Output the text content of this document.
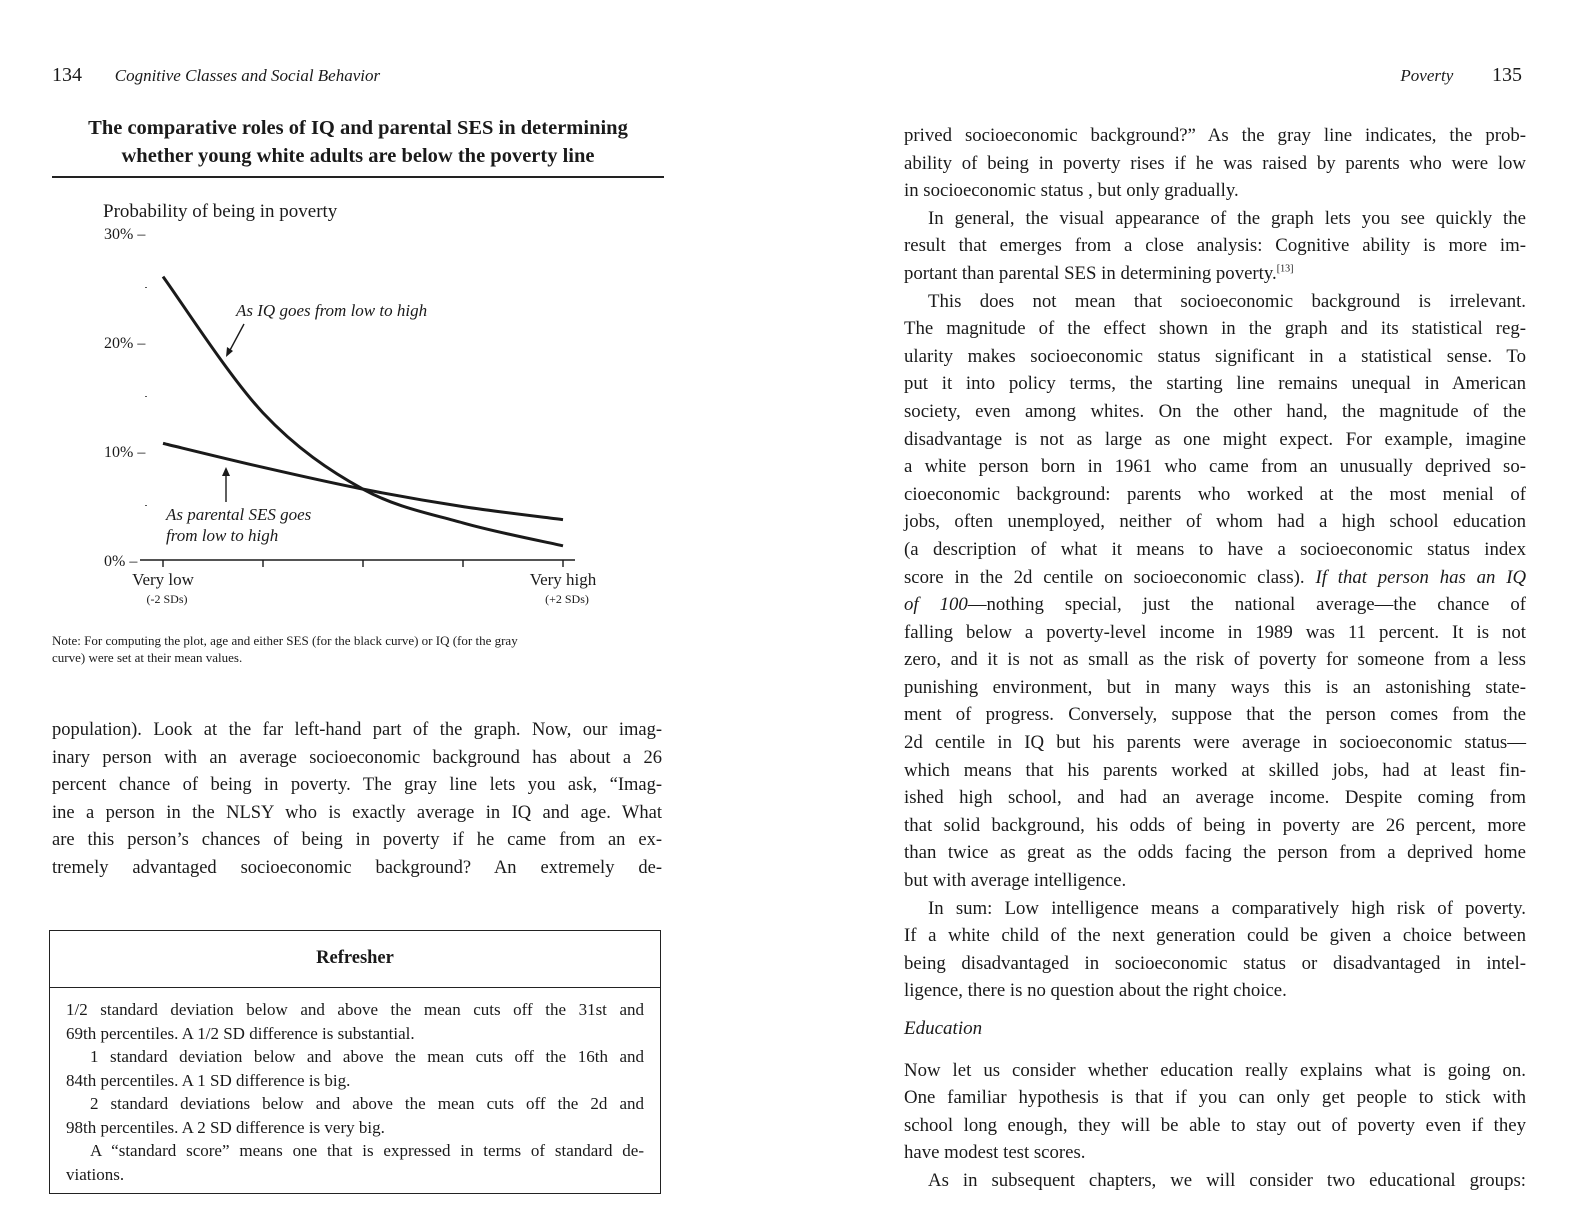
134 Cognitive Classes and Social Behavior
The comparative roles of IQ and parental SES in determining
whether young white adults are below the poverty line
Probability of being in poverty
30% –
20% –
10% –
0% –
Very low
(-2 SDs)
Very high
(+2 SDs)
As IQ goes from low to high
As parental SES goes
from low to high
Note: For computing the plot, age and either SES (for the black curve) or IQ (for the gray
curve) were set at their mean values.
population). Look at the far left-hand part of the graph. Now, our imag-
inary person with an average socioeconomic background has about a 26
percent chance of being in poverty. The gray line lets you ask, “Imag-
ine a person in the NLSY who is exactly average in IQ and age. What
are this person’s chances of being in poverty if he came from an ex-
tremely advantaged socioeconomic background? An extremely de-
Refresher
1/2 standard deviation below and above the mean cuts off the 31st and
69th percentiles. A 1/2 SD difference is substantial.
1 standard deviation below and above the mean cuts off the 16th and
84th percentiles. A 1 SD difference is big.
2 standard deviations below and above the mean cuts off the 2d and
98th percentiles. A 2 SD difference is very big.
A “standard score” means one that is expressed in terms of standard de-
viations.
Poverty 135
prived socioeconomic background?” As the gray line indicates, the prob-
ability of being in poverty rises if he was raised by parents who were low
in socioeconomic status , but only gradually.
In general, the visual appearance of the graph lets you see quickly the
result that emerges from a close analysis: Cognitive ability is more im-
portant than parental SES in determining poverty.[13]
This does not mean that socioeconomic background is irrelevant.
The magnitude of the effect shown in the graph and its statistical reg-
ularity makes socioeconomic status significant in a statistical sense. To
put it into policy terms, the starting line remains unequal in American
society, even among whites. On the other hand, the magnitude of the
disadvantage is not as large as one might expect. For example, imagine
a white person born in 1961 who came from an unusually deprived so-
cioeconomic background: parents who worked at the most menial of
jobs, often unemployed, neither of whom had a high school education
(a description of what it means to have a socioeconomic status index
score in the 2d centile on socioeconomic class). If that person has an IQ
of 100—nothing special, just the national average—the chance of
falling below a poverty-level income in 1989 was 11 percent. It is not
zero, and it is not as small as the risk of poverty for someone from a less
punishing environment, but in many ways this is an astonishing state-
ment of progress. Conversely, suppose that the person comes from the
2d centile in IQ but his parents were average in socioeconomic status—
which means that his parents worked at skilled jobs, had at least fin-
ished high school, and had an average income. Despite coming from
that solid background, his odds of being in poverty are 26 percent, more
than twice as great as the odds facing the person from a deprived home
but with average intelligence.
In sum: Low intelligence means a comparatively high risk of poverty.
If a white child of the next generation could be given a choice between
being disadvantaged in socioeconomic status or disadvantaged in intel-
ligence, there is no question about the right choice.
Education
Now let us consider whether education really explains what is going on.
One familiar hypothesis is that if you can only get people to stick with
school long enough, they will be able to stay out of poverty even if they
have modest test scores.
As in subsequent chapters, we will consider two educational groups:
